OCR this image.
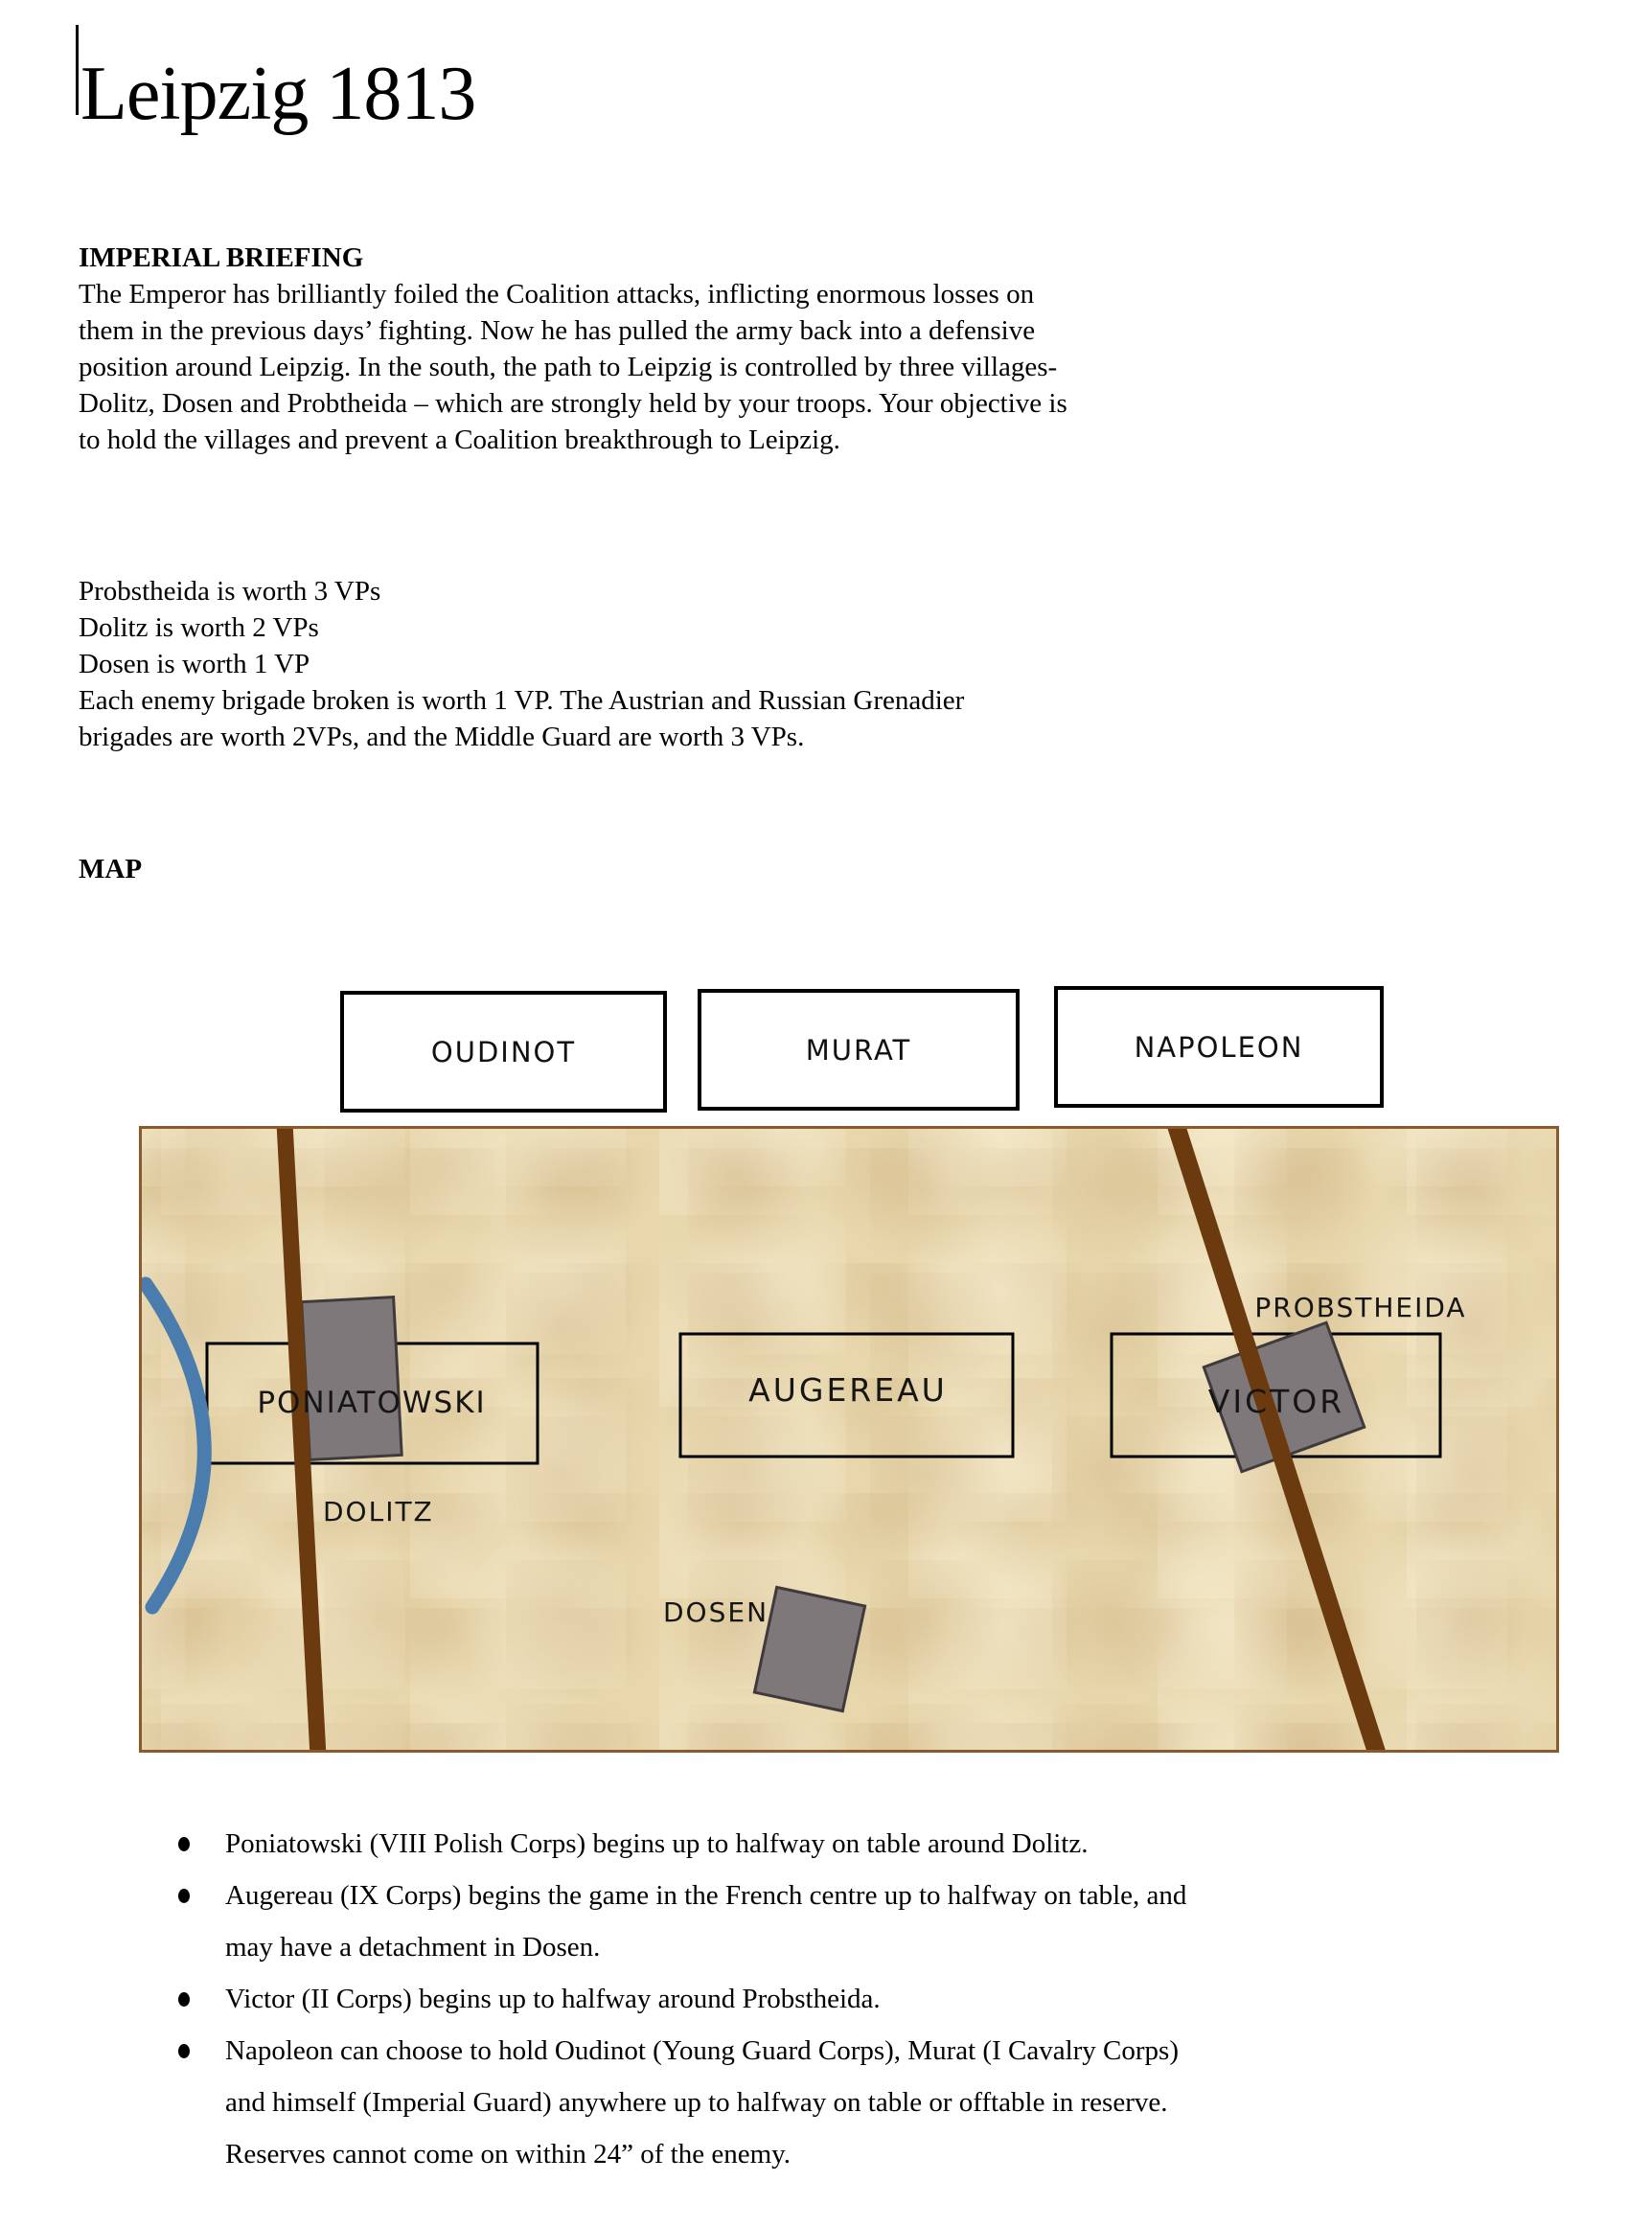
Leipzig 1813
IMPERIAL BRIEFING
The Emperor has brilliantly foiled the Coalition attacks, inflicting enormous losses on
them in the previous days’ fighting. Now he has pulled the army back into a defensive
position around Leipzig. In the south, the path to Leipzig is controlled by three villages-
Dolitz, Dosen and Probtheida – which are strongly held by your troops. Your objective is
to hold the villages and prevent a Coalition breakthrough to Leipzig.
Probstheida is worth 3 VPs
Dolitz is worth 2 VPs
Dosen is worth 1 VP
Each enemy brigade broken is worth 1 VP. The Austrian and Russian Grenadier
brigades are worth 2VPs, and the Middle Guard are worth 3 VPs.
MAP
OUDINOT	MURAT	NAPOLEON
PONIATOWSKI	AUGEREAU	VICTOR
PROBSTHEIDA
DOLITZ
DOSEN
Poniatowski (VIII Polish Corps) begins up to halfway on table around Dolitz.
Augereau (IX Corps) begins the game in the French centre up to halfway on table, and
may have a detachment in Dosen.
Victor (II Corps) begins up to halfway around Probstheida.
Napoleon can choose to hold Oudinot (Young Guard Corps), Murat (I Cavalry Corps)
and himself (Imperial Guard) anywhere up to halfway on table or offtable in reserve.
Reserves cannot come on within 24” of the enemy.
